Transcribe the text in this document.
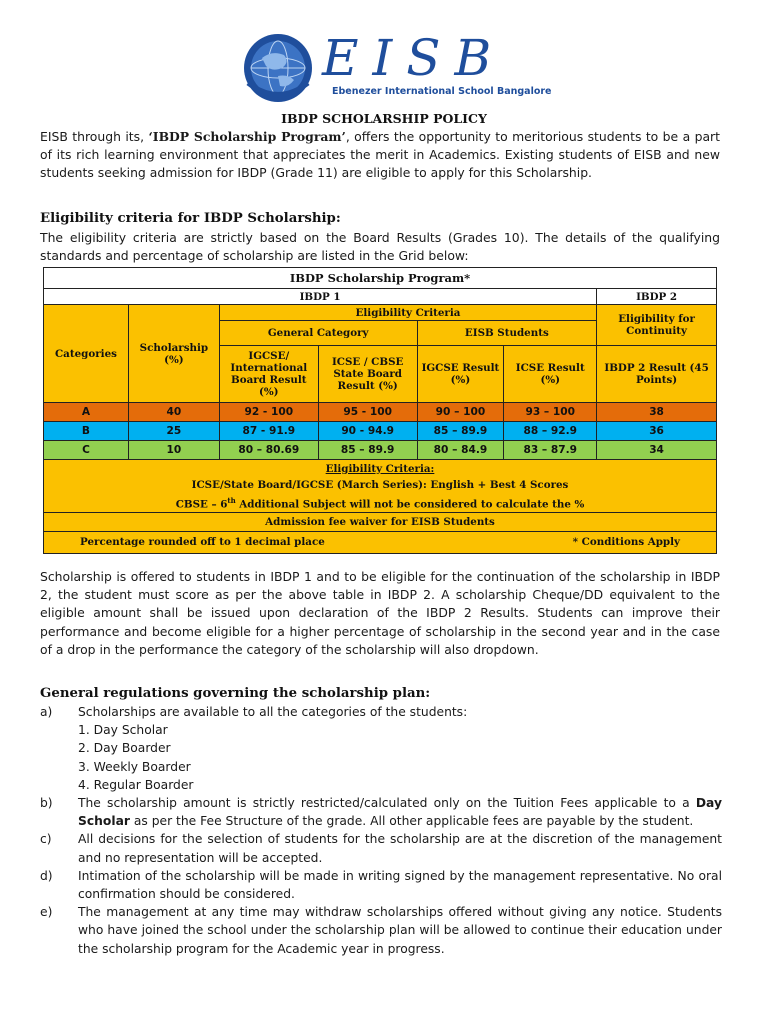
EISB
Ebenezer International School Bangalore
IBDP SCHOLARSHIP POLICY
EISB through its, ‘IBDP Scholarship Program’, offers the opportunity to meritorious students to be a part of its rich learning environment that appreciates the merit in Academics. Existing students of EISB and new students seeking admission for IBDP (Grade 11) are eligible to apply for this Scholarship.
Eligibility criteria for IBDP Scholarship:
The eligibility criteria are strictly based on the Board Results (Grades 10). The details of the qualifying standards and percentage of scholarship are listed in the Grid below:
IBDP Scholarship Program*						
IBDP 1						IBDP 2
Categories	Scholarship (%)	Eligibility Criteria				Eligibility for Continuity
		General Category		EISB Students		
		IGCSE/ International Board Result (%)	ICSE / CBSE State Board Result (%)	IGCSE Result (%)	ICSE Result (%)	IBDP 2 Result (45 Points)
A	40	92 - 100	95 - 100	90 – 100	93 – 100	38
B	25	87 - 91.9	90 - 94.9	85 – 89.9	88 – 92.9	36
C	10	80 – 80.69	85 – 89.9	80 – 84.9	83 – 87.9	34
Eligibility Criteria:
ICSE/State Board/IGCSE (March Series): English + Best 4 Scores
CBSE – 6th Additional Subject will not be considered to calculate the %						
Admission fee waiver for EISB Students						
Percentage rounded off to 1 decimal place * Conditions Apply						
Scholarship is offered to students in IBDP 1 and to be eligible for the continuation of the scholarship in IBDP 2, the student must score as per the above table in IBDP 2. A scholarship Cheque/DD equivalent to the eligible amount shall be issued upon declaration of the IBDP 2 Results. Students can improve their performance and become eligible for a higher percentage of scholarship in the second year and in the case of a drop in the performance the category of the scholarship will also dropdown.
General regulations governing the scholarship plan:
a)	Scholarships are available to all the categories of the students:
1. Day Scholar
2. Day Boarder
3. Weekly Boarder
4. Regular Boarder
b)	The scholarship amount is strictly restricted/calculated only on the Tuition Fees applicable to a Day Scholar as per the Fee Structure of the grade. All other applicable fees are payable by the student.
c)	All decisions for the selection of students for the scholarship are at the discretion of the management and no representation will be accepted.
d)	Intimation of the scholarship will be made in writing signed by the management representative. No oral confirmation should be considered.
e)	The management at any time may withdraw scholarships offered without giving any notice. Students who have joined the school under the scholarship plan will be allowed to continue their education under the scholarship program for the Academic year in progress.
